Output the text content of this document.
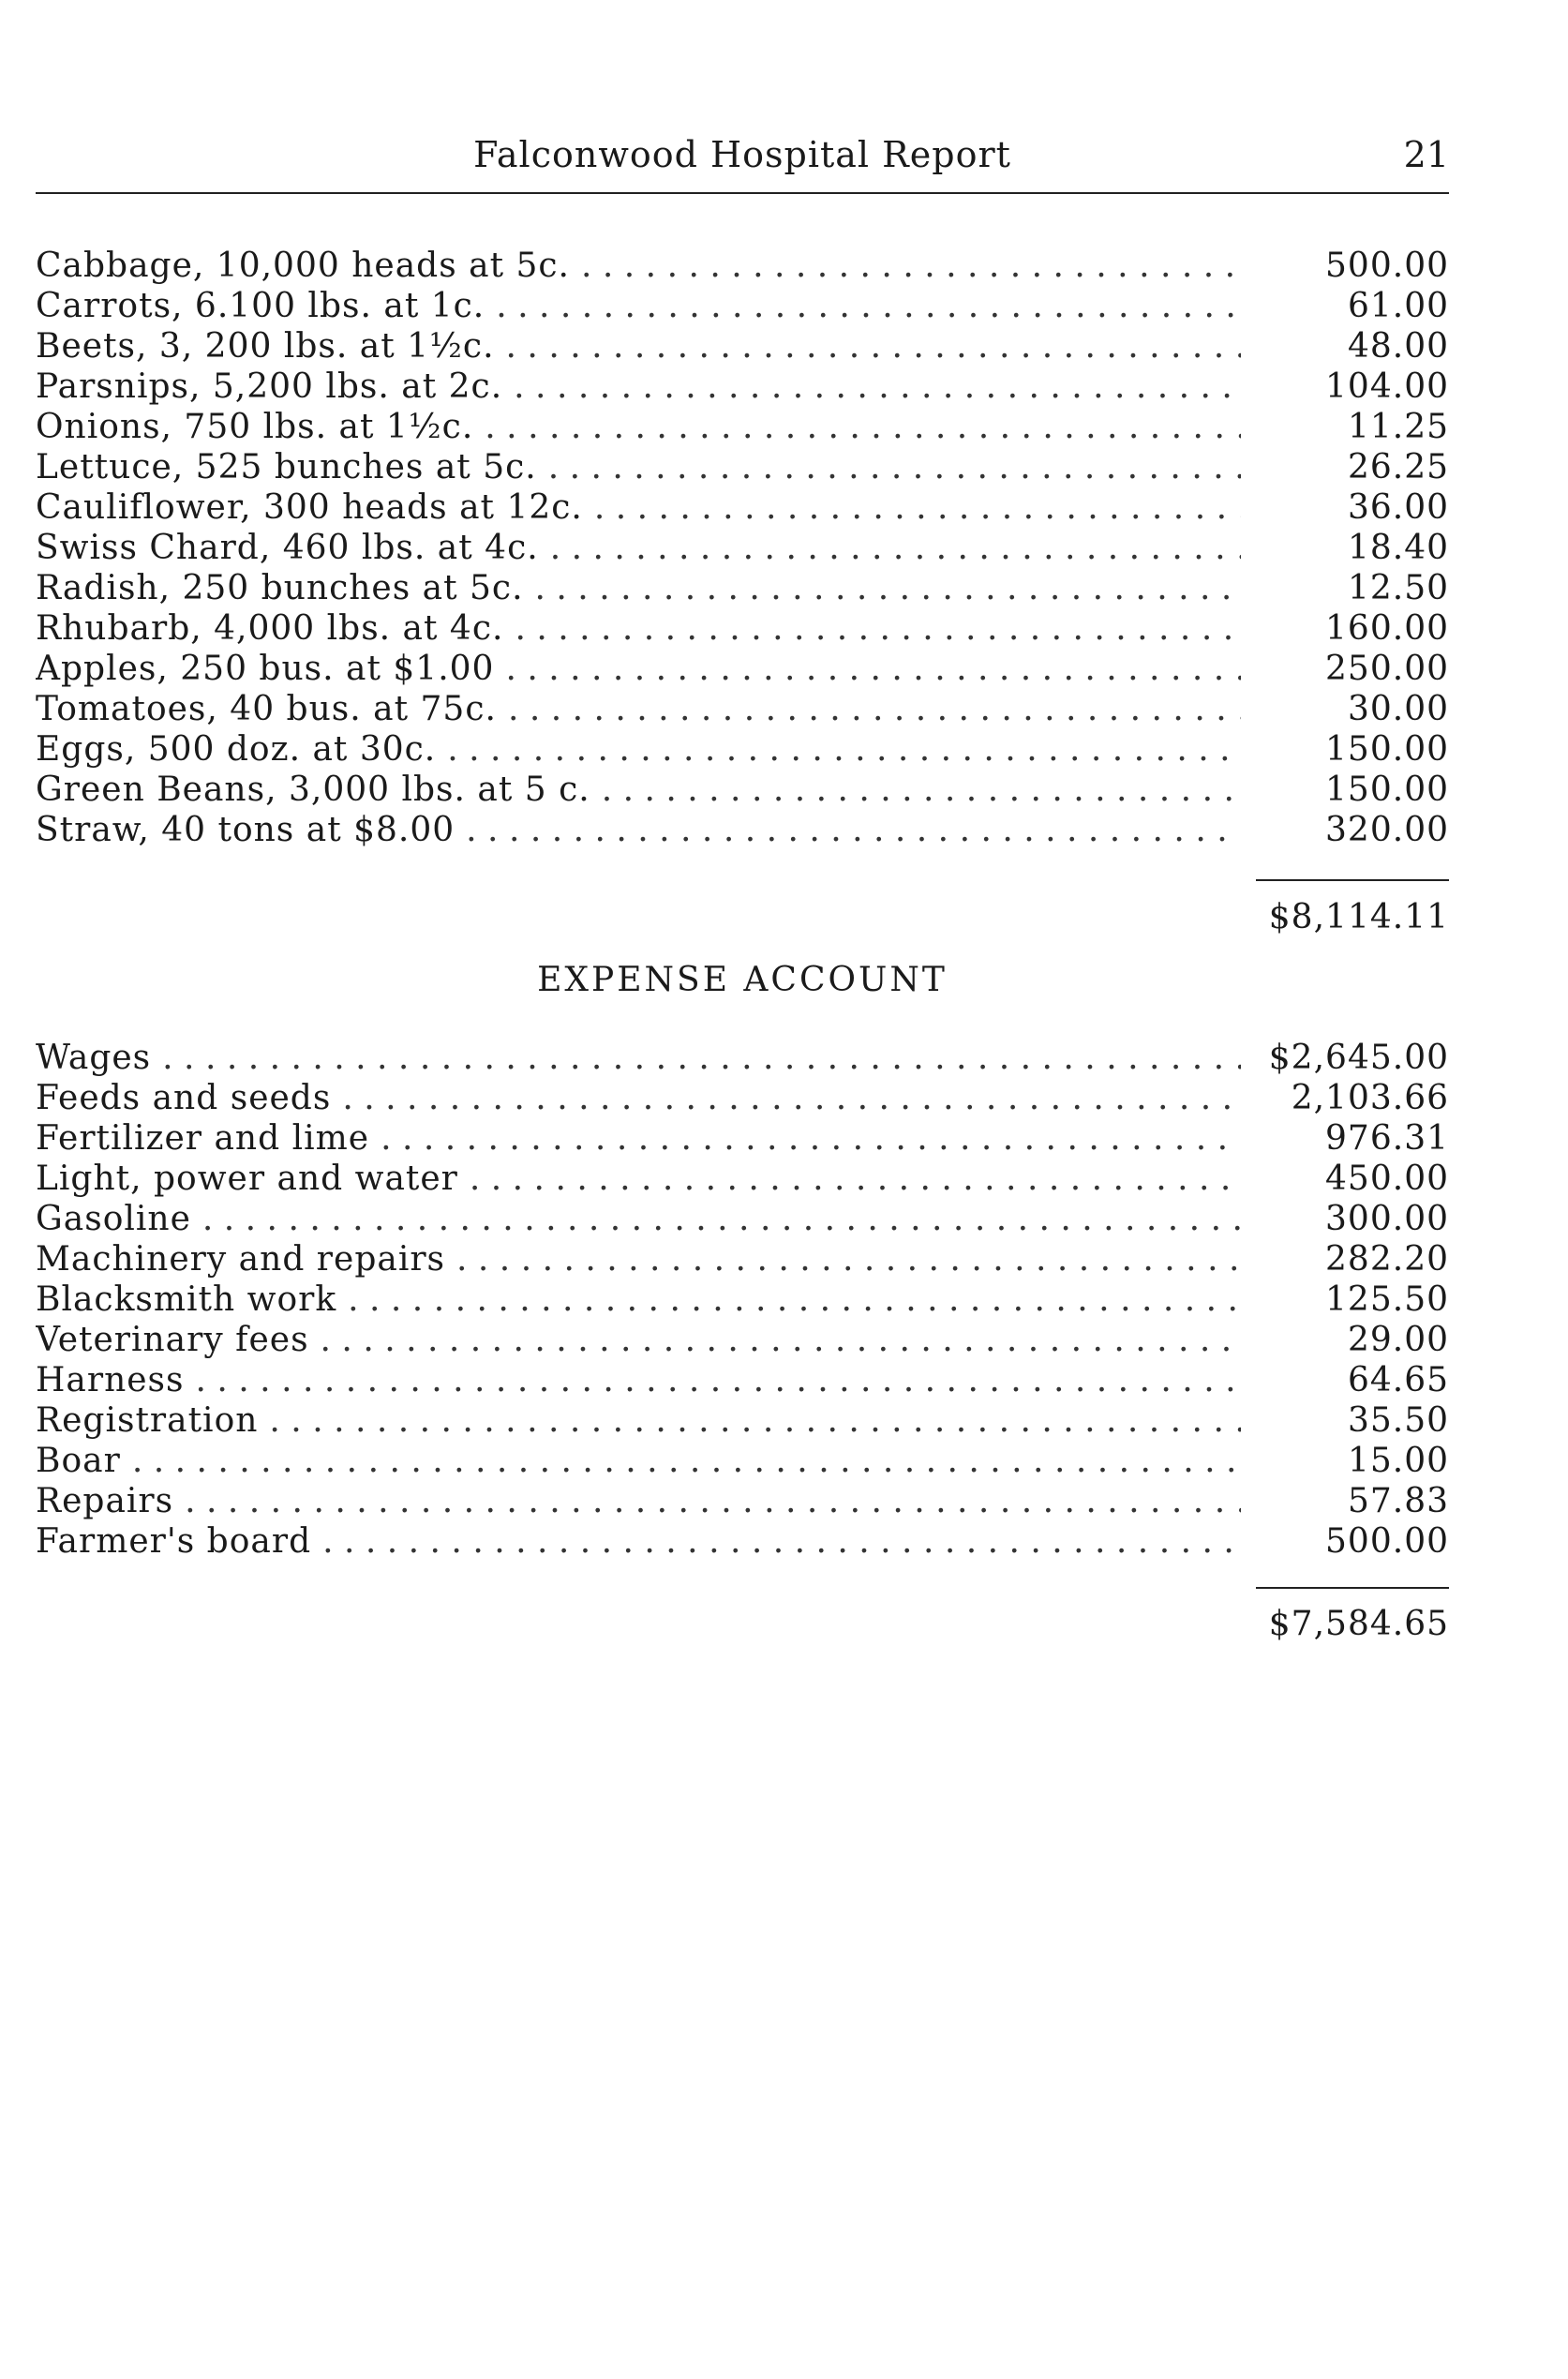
Falconwood Hospital Report	21
Cabbage, 10,000 heads at 5c. . . .	500.00
Carrots, 6.100 lbs. at 1c. . . .	61.00
Beets, 3, 200 lbs. at 1½c. . . .	48.00
Parsnips, 5,200 lbs. at 2c. . . .	104.00
Onions, 750 lbs. at 1½c. . . .	11.25
Lettuce, 525 bunches at 5c. . . .	26.25
Cauliflower, 300 heads at 12c. . . .	36.00
Swiss Chard, 460 lbs. at 4c. . . .	18.40
Radish, 250 bunches at 5c. . . .	12.50
Rhubarb, 4,000 lbs. at 4c. . . .	160.00
Apples, 250 bus. at $1.00 . . .	250.00
Tomatoes, 40 bus. at 75c. . . .	30.00
Eggs, 500 doz. at 30c. . . .	150.00
Green Beans, 3,000 lbs. at 5 c. . . .	150.00
Straw, 40 tons at $8.00 . . .	320.00
$8,114.11
EXPENSE ACCOUNT
Wages . . .	$2,645.00
Feeds and seeds . . .	2,103.66
Fertilizer and lime . . .	976.31
Light, power and water . . .	450.00
Gasoline . . .	300.00
Machinery and repairs . . .	282.20
Blacksmith work . . .	125.50
Veterinary fees . . .	29.00
Harness . . .	64.65
Registration . . .	35.50
Boar . . .	15.00
Repairs . . .	57.83
Farmer's board . . .	500.00
$7,584.65
